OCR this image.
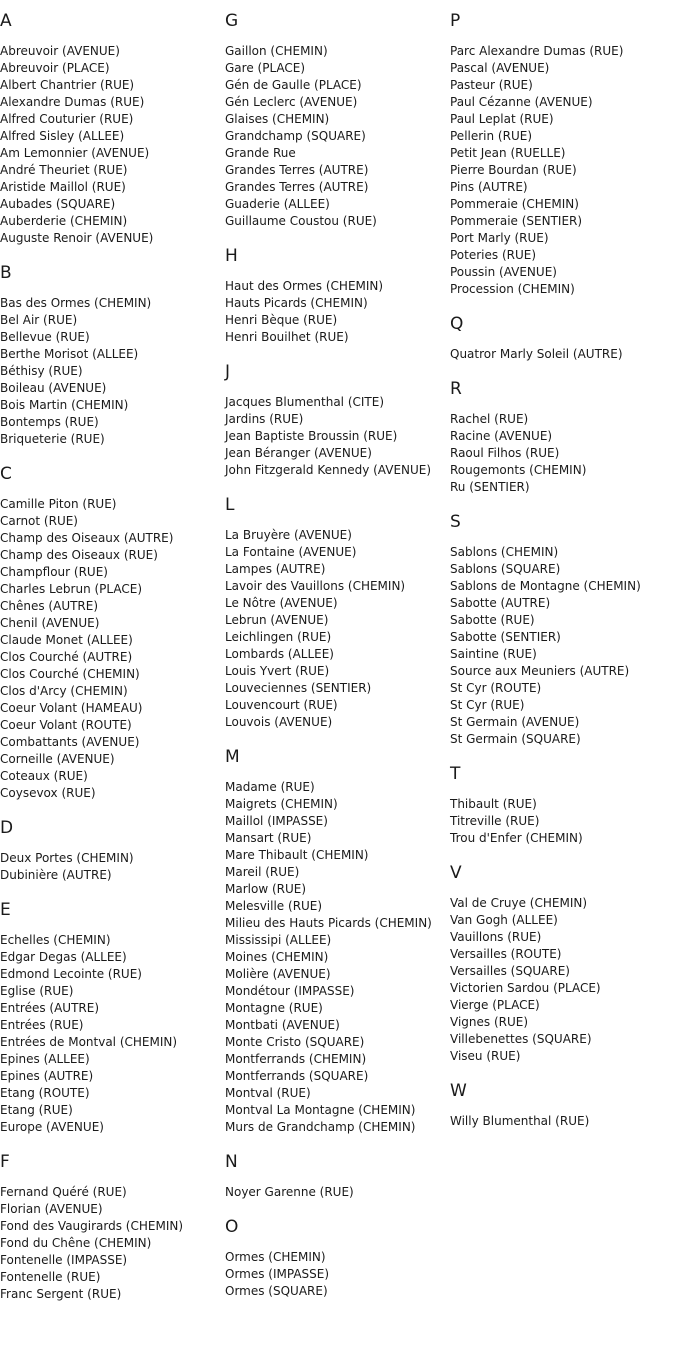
A
Abreuvoir (AVENUE)
Abreuvoir (PLACE)
Albert Chantrier (RUE)
Alexandre Dumas (RUE)
Alfred Couturier (RUE)
Alfred Sisley (ALLEE)
Am Lemonnier (AVENUE)
André Theuriet (RUE)
Aristide Maillol (RUE)
Aubades (SQUARE)
Auberderie (CHEMIN)
Auguste Renoir (AVENUE)
B
Bas des Ormes (CHEMIN)
Bel Air (RUE)
Bellevue (RUE)
Berthe Morisot (ALLEE)
Béthisy (RUE)
Boileau (AVENUE)
Bois Martin (CHEMIN)
Bontemps (RUE)
Briqueterie (RUE)
C
Camille Piton (RUE)
Carnot (RUE)
Champ des Oiseaux (AUTRE)
Champ des Oiseaux (RUE)
Champflour (RUE)
Charles Lebrun (PLACE)
Chênes (AUTRE)
Chenil (AVENUE)
Claude Monet (ALLEE)
Clos Courché (AUTRE)
Clos Courché (CHEMIN)
Clos d'Arcy (CHEMIN)
Coeur Volant (HAMEAU)
Coeur Volant (ROUTE)
Combattants (AVENUE)
Corneille (AVENUE)
Coteaux (RUE)
Coysevox (RUE)
D
Deux Portes (CHEMIN)
Dubinière (AUTRE)
E
Echelles (CHEMIN)
Edgar Degas (ALLEE)
Edmond Lecointe (RUE)
Eglise (RUE)
Entrées (AUTRE)
Entrées (RUE)
Entrées de Montval (CHEMIN)
Epines (ALLEE)
Epines (AUTRE)
Etang (ROUTE)
Etang (RUE)
Europe (AVENUE)
F
Fernand Quéré (RUE)
Florian (AVENUE)
Fond des Vaugirards (CHEMIN)
Fond du Chêne (CHEMIN)
Fontenelle (IMPASSE)
Fontenelle (RUE)
Franc Sergent (RUE)
G
Gaillon (CHEMIN)
Gare (PLACE)
Gén de Gaulle (PLACE)
Gén Leclerc (AVENUE)
Glaises (CHEMIN)
Grandchamp (SQUARE)
Grande Rue
Grandes Terres (AUTRE)
Grandes Terres (AUTRE)
Guaderie (ALLEE)
Guillaume Coustou (RUE)
H
Haut des Ormes (CHEMIN)
Hauts Picards (CHEMIN)
Henri Bèque (RUE)
Henri Bouilhet (RUE)
J
Jacques Blumenthal (CITE)
Jardins (RUE)
Jean Baptiste Broussin (RUE)
Jean Béranger (AVENUE)
John Fitzgerald Kennedy (AVENUE)
L
La Bruyère (AVENUE)
La Fontaine (AVENUE)
Lampes (AUTRE)
Lavoir des Vauillons (CHEMIN)
Le Nôtre (AVENUE)
Lebrun (AVENUE)
Leichlingen (RUE)
Lombards (ALLEE)
Louis Yvert (RUE)
Louveciennes (SENTIER)
Louvencourt (RUE)
Louvois (AVENUE)
M
Madame (RUE)
Maigrets (CHEMIN)
Maillol (IMPASSE)
Mansart (RUE)
Mare Thibault (CHEMIN)
Mareil (RUE)
Marlow (RUE)
Melesville (RUE)
Milieu des Hauts Picards (CHEMIN)
Mississipi (ALLEE)
Moines (CHEMIN)
Molière (AVENUE)
Mondétour (IMPASSE)
Montagne (RUE)
Montbati (AVENUE)
Monte Cristo (SQUARE)
Montferrands (CHEMIN)
Montferrands (SQUARE)
Montval (RUE)
Montval La Montagne (CHEMIN)
Murs de Grandchamp (CHEMIN)
N
Noyer Garenne (RUE)
O
Ormes (CHEMIN)
Ormes (IMPASSE)
Ormes (SQUARE)
P
Parc Alexandre Dumas (RUE)
Pascal (AVENUE)
Pasteur (RUE)
Paul Cézanne (AVENUE)
Paul Leplat (RUE)
Pellerin (RUE)
Petit Jean (RUELLE)
Pierre Bourdan (RUE)
Pins (AUTRE)
Pommeraie (CHEMIN)
Pommeraie (SENTIER)
Port Marly (RUE)
Poteries (RUE)
Poussin (AVENUE)
Procession (CHEMIN)
Q
Quatror Marly Soleil (AUTRE)
R
Rachel (RUE)
Racine (AVENUE)
Raoul Filhos (RUE)
Rougemonts (CHEMIN)
Ru (SENTIER)
S
Sablons (CHEMIN)
Sablons (SQUARE)
Sablons de Montagne (CHEMIN)
Sabotte (AUTRE)
Sabotte (RUE)
Sabotte (SENTIER)
Saintine (RUE)
Source aux Meuniers (AUTRE)
St Cyr (ROUTE)
St Cyr (RUE)
St Germain (AVENUE)
St Germain (SQUARE)
T
Thibault (RUE)
Titreville (RUE)
Trou d'Enfer (CHEMIN)
V
Val de Cruye (CHEMIN)
Van Gogh (ALLEE)
Vauillons (RUE)
Versailles (ROUTE)
Versailles (SQUARE)
Victorien Sardou (PLACE)
Vierge (PLACE)
Vignes (RUE)
Villebenettes (SQUARE)
Viseu (RUE)
W
Willy Blumenthal (RUE)
